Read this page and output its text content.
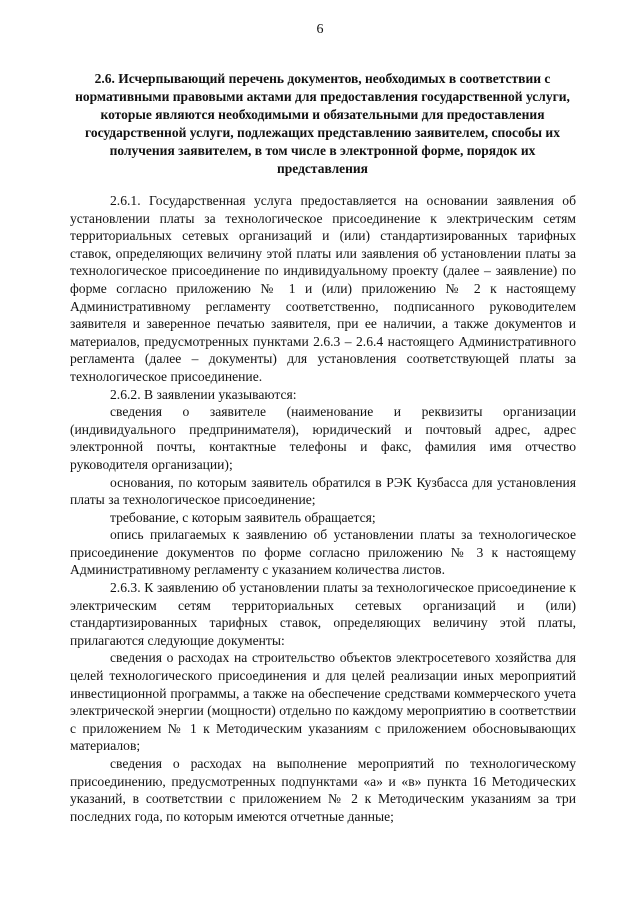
6
2.6. Исчерпывающий перечень документов, необходимых в соответствии с нормативными правовыми актами для предоставления государственной услуги, которые являются необходимыми и обязательными для предоставления государственной услуги, подлежащих представлению заявителем, способы их получения заявителем, в том числе в электронной форме, порядок их представления

2.6.1. Государственная услуга предоставляется на основании заявления об установлении платы за технологическое присоединение к электрическим сетям территориальных сетевых организаций и (или) стандартизированных тарифных ставок, определяющих величину этой платы или заявления об установлении платы за технологическое присоединение по индивидуальному проекту (далее – заявление) по форме согласно приложению № 1 и (или) приложению № 2 к настоящему Административному регламенту соответственно, подписанного руководителем заявителя и заверенное печатью заявителя, при ее наличии, а также документов и материалов, предусмотренных пунктами 2.6.3 – 2.6.4 настоящего Административного регламента (далее – документы) для установления соответствующей платы за технологическое присоединение.

2.6.2. В заявлении указываются:

сведения о заявителе (наименование и реквизиты организации (индивидуального предпринимателя), юридический и почтовый адрес, адрес электронной почты, контактные телефоны и факс, фамилия имя отчество руководителя организации);

основания, по которым заявитель обратился в РЭК Кузбасса для установления платы за технологическое присоединение;

требование, с которым заявитель обращается;

опись прилагаемых к заявлению об установлении платы за технологическое присоединение документов по форме согласно приложению № 3 к настоящему Административному регламенту с указанием количества листов.

2.6.3. К заявлению об установлении платы за технологическое присоединение к электрическим сетям территориальных сетевых организаций и (или) стандартизированных тарифных ставок, определяющих величину этой платы, прилагаются следующие документы:

сведения о расходах на строительство объектов электросетевого хозяйства для целей технологического присоединения и для целей реализации иных мероприятий инвестиционной программы, а также на обеспечение средствами коммерческого учета электрической энергии (мощности) отдельно по каждому мероприятию в соответствии с приложением № 1 к Методическим указаниям с приложением обосновывающих материалов;

сведения о расходах на выполнение мероприятий по технологическому присоединению, предусмотренных подпунктами «а» и «в» пункта 16 Методических указаний, в соответствии с приложением № 2 к Методическим указаниям за три последних года, по которым имеются отчетные данные;
